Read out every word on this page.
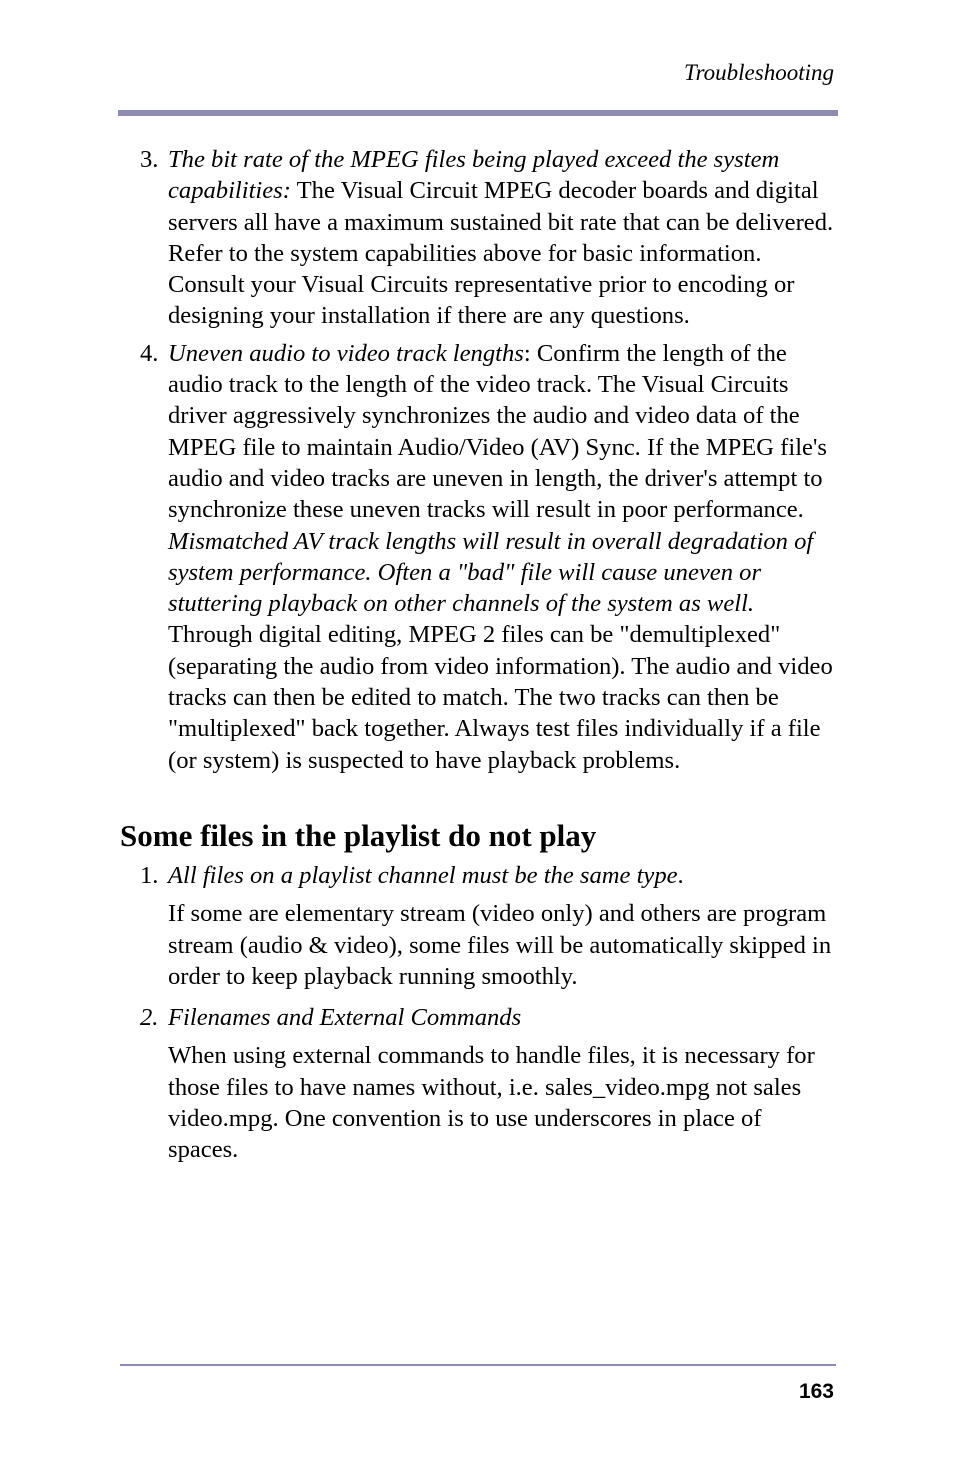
Troubleshooting
3. The bit rate of the MPEG files being played exceed the system capabilities: The Visual Circuit MPEG decoder boards and digital servers all have a maximum sustained bit rate that can be delivered. Refer to the system capabilities above for basic information. Consult your Visual Circuits representative prior to encoding or designing your installation if there are any questions.
4. Uneven audio to video track lengths: Confirm the length of the audio track to the length of the video track. The Visual Circuits driver aggressively synchronizes the audio and video data of the MPEG file to maintain Audio/Video (AV) Sync. If the MPEG file's audio and video tracks are uneven in length, the driver's attempt to synchronize these uneven tracks will result in poor performance. Mismatched AV track lengths will result in overall degradation of system performance. Often a "bad" file will cause uneven or stuttering playback on other channels of the system as well. Through digital editing, MPEG 2 files can be "demultiplexed" (separating the audio from video information). The audio and video tracks can then be edited to match. The two tracks can then be "multiplexed" back together. Always test files individually if a file (or system) is suspected to have playback problems.
Some files in the playlist do not play
1. All files on a playlist channel must be the same type.
If some are elementary stream (video only) and others are program stream (audio & video), some files will be automatically skipped in order to keep playback running smoothly.
2. Filenames and External Commands
When using external commands to handle files, it is necessary for those files to have names without, i.e. sales_video.mpg not sales video.mpg. One convention is to use underscores in place of spaces.
163
